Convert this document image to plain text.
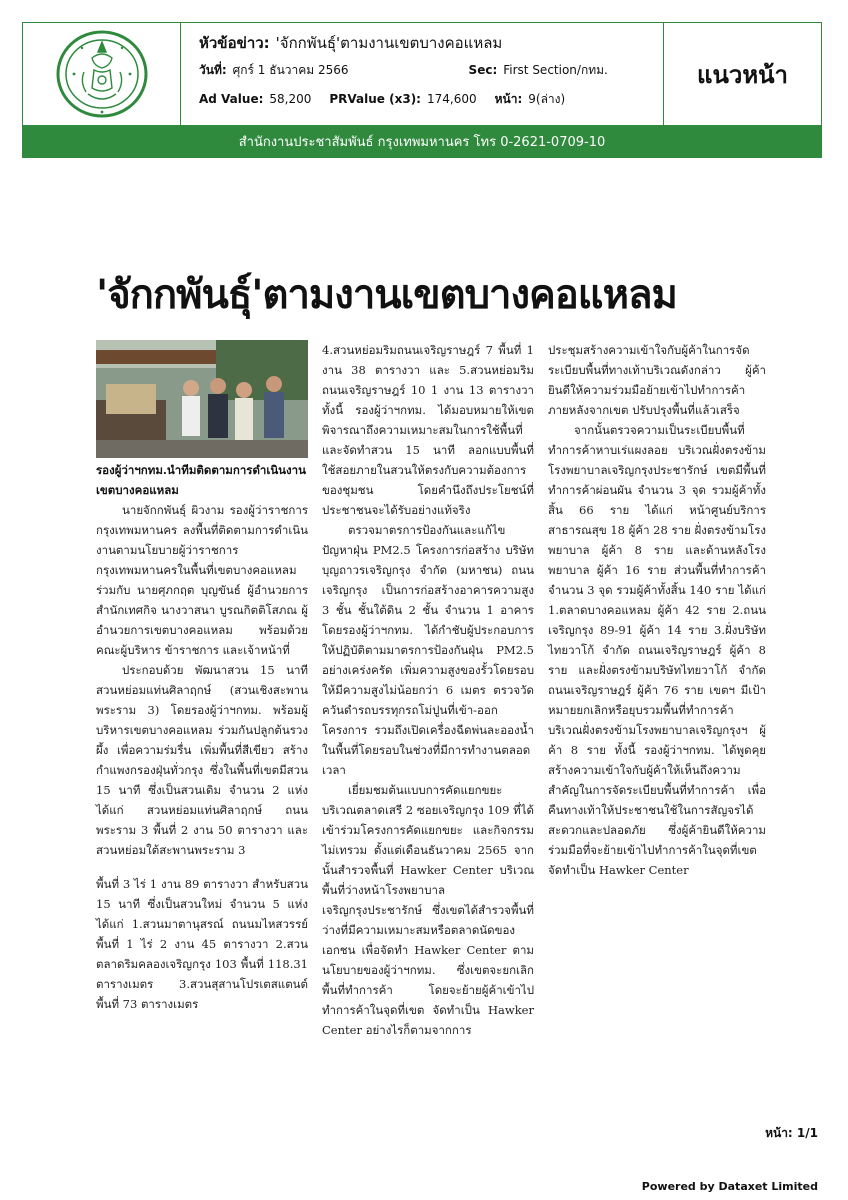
หัวข้อข่าว: 'จักกพันธุ์'ตามงานเขตบางคอแหลม
วันที่: ศุกร์ 1 ธันวาคม 2566	Sec: First Section/กทม.
Ad Value: 58,200 PRValue (x3): 174,600 หน้า: 9(ล่าง)
แนวหน้า
สำนักงานประชาสัมพันธ์ กรุงเทพมหานคร โทร 0-2621-0709-10
'จักกพันธุ์'ตามงานเขตบางคอแหลม
รองผู้ว่าฯกทม.นำทีมติดตามการดำเนินงานเขตบางคอแหลม

นายจักกพันธุ์ ผิวงาม รองผู้ว่าราชการกรุงเทพมหานคร ลงพื้นที่ติดตามการดำเนินงานตามนโยบายผู้ว่าราชการกรุงเทพมหานครในพื้นที่เขตบางคอแหลม ร่วมกับ นายศุภกฤต บุญขันธ์ ผู้อำนวยการสำนักเทศกิจ นางวาสนา บูรณกิตติโสภณ ผู้อำนวยการเขตบางคอแหลม พร้อมด้วยคณะผู้บริหาร ข้าราชการ และเจ้าหน้าที่

ประกอบด้วย พัฒนาสวน 15 นาที สวนหย่อมแท่นศิลาฤกษ์ (สวนเชิงสะพานพระราม 3) โดยรองผู้ว่าฯกทม. พร้อมผู้บริหารเขตบางคอแหลม ร่วมกันปลูกต้นรวงผึ้ง เพื่อความร่มรื่น เพิ่มพื้นที่สีเขียว สร้างกำแพงกรองฝุ่นทั่วกรุง ซึ่งในพื้นที่เขตมีสวน 15 นาที ซึ่งเป็นสวนเดิม จำนวน 2 แห่ง ได้แก่ สวนหย่อมแท่นศิลาฤกษ์ ถนนพระราม 3 พื้นที่ 2 งาน 50 ตารางวา และสวนหย่อมใต้สะพานพระราม 3

พื้นที่ 3 ไร่ 1 งาน 89 ตารางวา สำหรับสวน 15 นาที ซึ่งเป็นสวนใหม่ จำนวน 5 แห่ง ได้แก่ 1.สวนมาตานุสรณ์ ถนนมไหสวรรย์ พื้นที่ 1 ไร่ 2 งาน 45 ตารางวา 2.สวนตลาดริมคลองเจริญกรุง 103 พื้นที่ 118.31 ตารางเมตร 3.สวนสุสานโปรเตสแตนต์ พื้นที่ 73 ตารางเมตร

4.สวนหย่อมริมถนนเจริญราษฎร์ 7 พื้นที่ 1 งาน 38 ตารางวา และ 5.สวนหย่อมริมถนนเจริญราษฎร์ 10 1 งาน 13 ตารางวา ทั้งนี้ รองผู้ว่าฯกทม. ได้มอบหมายให้เขตพิจารณาถึงความเหมาะสมในการใช้พื้นที่ และจัดทำสวน 15 นาที ลอกแบบพื้นที่ใช้สอยภายในสวนให้ตรงกับความต้องการของชุมชน โดยคำนึงถึงประโยชน์ที่ประชาชนจะได้รับอย่างแท้จริง

ตรวจมาตรการป้องกันและแก้ไขปัญหาฝุ่น PM2.5 โครงการก่อสร้าง บริษัท บุญถาวรเจริญกรุง จำกัด (มหาชน) ถนนเจริญกรุง เป็นการก่อสร้างอาคารความสูง 3 ชั้น ชั้นใต้ดิน 2 ชั้น จำนวน 1 อาคาร โดยรองผู้ว่าฯกทม. ได้กำชับผู้ประกอบการให้ปฏิบัติตามมาตรการป้องกันฝุ่น PM2.5 อย่างเคร่งครัด เพิ่มความสูงของรั้วโดยรอบให้มีความสูงไม่น้อยกว่า 6 เมตร ตรวจวัดควันดำรถบรรทุกรถโม่ปูนที่เข้า-ออกโครงการ รวมถึงเปิดเครื่องฉีดพ่นละอองน้ำในพื้นที่โดยรอบในช่วงที่มีการทำงานตลอดเวลา

เยี่ยมชมต้นแบบการคัดแยกขยะ บริเวณตลาดเสรี 2 ซอยเจริญกรุง 109 ที่ได้เข้าร่วมโครงการคัดแยกขยะ และกิจกรรมไม่เทรวม ตั้งแต่เดือนธันวาคม 2565 จากนั้นสำรวจพื้นที่ Hawker Center บริเวณพื้นที่ว่างหน้าโรงพยาบาลเจริญกรุงประชารักษ์ ซึ่งเขตได้สำรวจพื้นที่ว่างที่มีความเหมาะสมหรือตลาดนัดของเอกชน เพื่อจัดทำ Hawker Center ตามนโยบายของผู้ว่าฯกทม. ซึ่งเขตจะยกเลิกพื้นที่ทำการค้า โดยจะย้ายผู้ค้าเข้าไปทำการค้าในจุดที่เขต จัดทำเป็น Hawker Center อย่างไรก็ตามจากการ

ประชุมสร้างความเข้าใจกับผู้ค้าในการจัดระเบียบพื้นที่ทางเท้าบริเวณดังกล่าว ผู้ค้ายินดีให้ความร่วมมือย้ายเข้าไปทำการค้า ภายหลังจากเขต ปรับปรุงพื้นที่แล้วเสร็จ

จากนั้นตรวจความเป็นระเบียบพื้นที่ทำการค้าหาบเร่แผงลอย บริเวณฝั่งตรงข้ามโรงพยาบาลเจริญกรุงประชารักษ์ เขตมีพื้นที่ทำการค้าผ่อนผัน จำนวน 3 จุด รวมผู้ค้าทั้งสิ้น 66 ราย ได้แก่ หน้าศูนย์บริการสาธารณสุข 18 ผู้ค้า 28 ราย ฝั่งตรงข้ามโรงพยาบาล ผู้ค้า 8 ราย และด้านหลังโรงพยาบาล ผู้ค้า 16 ราย ส่วนพื้นที่ทำการค้า จำนวน 3 จุด รวมผู้ค้าทั้งสิ้น 140 ราย ได้แก่ 1.ตลาดบางคอแหลม ผู้ค้า 42 ราย 2.ถนนเจริญกรุง 89-91 ผู้ค้า 14 ราย 3.ฝั่งบริษัท ไทยวาโก้ จำกัด ถนนเจริญราษฎร์ ผู้ค้า 8 ราย และฝั่งตรงข้ามบริษัทไทยวาโก้ จำกัด ถนนเจริญราษฎร์ ผู้ค้า 76 ราย เขตฯ มีเป้าหมายยกเลิกหรือยุบรวมพื้นที่ทำการค้าบริเวณฝั่งตรงข้ามโรงพยาบาลเจริญกรุงฯ ผู้ค้า 8 ราย ทั้งนี้ รองผู้ว่าฯกทม. ได้พูดคุยสร้างความเข้าใจกับผู้ค้าให้เห็นถึงความสำคัญในการจัดระเบียบพื้นที่ทำการค้า เพื่อคืนทางเท้าให้ประชาชนใช้ในการสัญจรได้สะดวกและปลอดภัย ซึ่งผู้ค้ายินดีให้ความร่วมมือที่จะย้ายเข้าไปทำการค้าในจุดที่เขตจัดทำเป็น Hawker Center

หน้า: 1/1
Powered by Dataxet Limited
